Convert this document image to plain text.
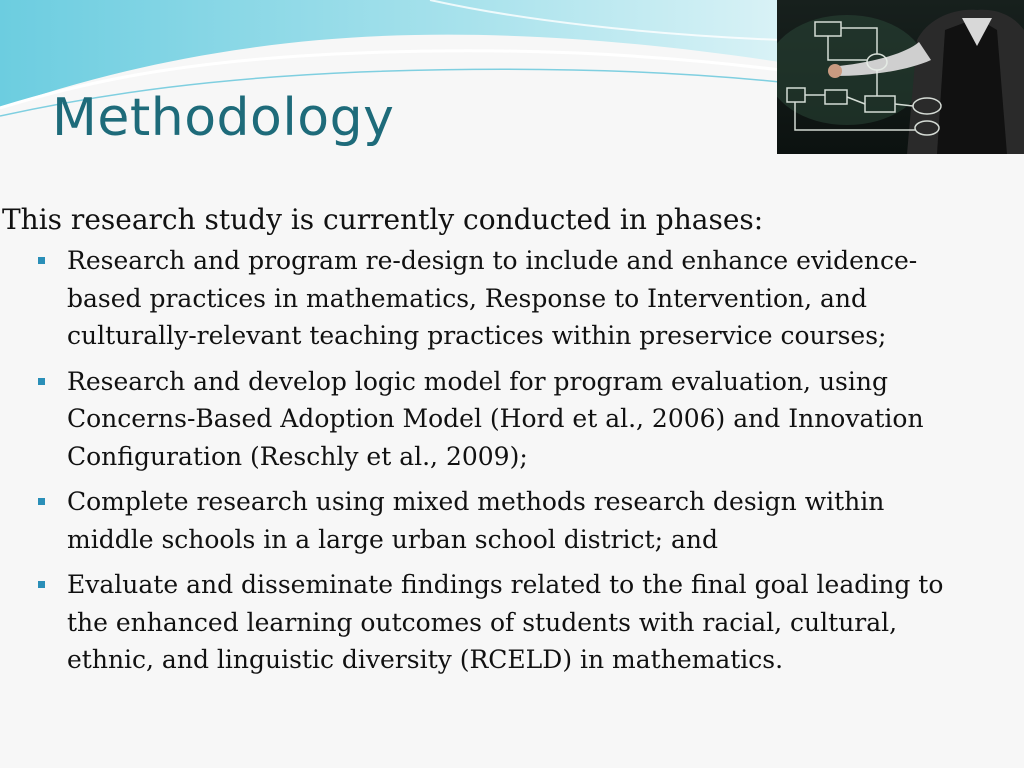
Methodology

This research study is currently conducted in phases:

Research and program re-design to include and enhance evidence-
based practices in mathematics, Response to Intervention, and
culturally-relevant teaching practices within preservice courses;
Research and develop logic model for program evaluation, using
Concerns-Based Adoption Model (Hord et al., 2006) and Innovation
Configuration (Reschly et al., 2009);
Complete research using mixed methods research design within
middle schools in a large urban school district; and
Evaluate and disseminate findings related to the final goal leading to
the enhanced learning outcomes of students with racial, cultural,
ethnic, and linguistic diversity (RCELD) in mathematics.
